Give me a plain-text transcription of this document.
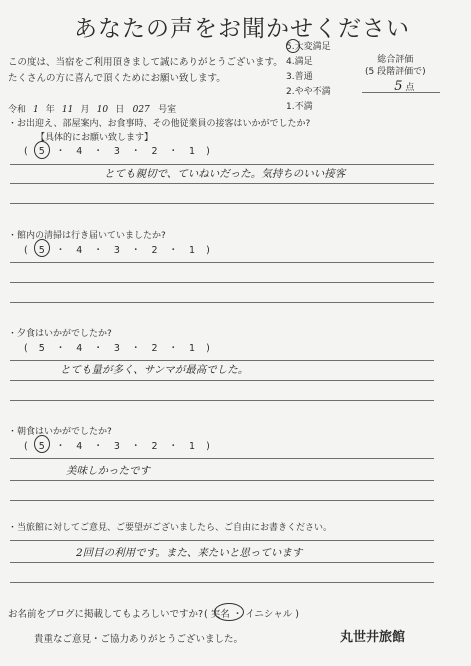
あなたの声をお聞かせください
この度は、当宿をご利用頂きまして誠にありがとうございます。
たくさんの方に喜んで頂くためにお願い致します。
5.大変満足
4.満足
3.普通
2.やや不満
1.不満
総合評価
(5 段階評価で)
5 点
令和 1 年 11 月 10 日 027 号室
・お出迎え、部屋案内、お食事時、その他従業員の接客はいかがでしたか?
【具体的にお願い致します】
( 5 ・ 4 ・ 3 ・ 2 ・ 1 )
とても親切で、ていねいだった。気持ちのいい接客
・館内の清掃は行き届いていましたか?
( 5 ・ 4 ・ 3 ・ 2 ・ 1 )
・夕食はいかがでしたか?
( 5 ・ 4 ・ 3 ・ 2 ・ 1 )
とても量が多く、サンマが最高でした。
・朝食はいかがでしたか?
( 5 ・ 4 ・ 3 ・ 2 ・ 1 )
美味しかったです
・当旅館に対してご意見、ご要望がございましたら、ご自由にお書きください。
2回目の利用です。また、来たいと思っています
お名前をブログに掲載してもよろしいですか? ( 実名 ・ イニシャル )
貴重なご意見・ご協力ありがとうございました。	丸世井旅館
